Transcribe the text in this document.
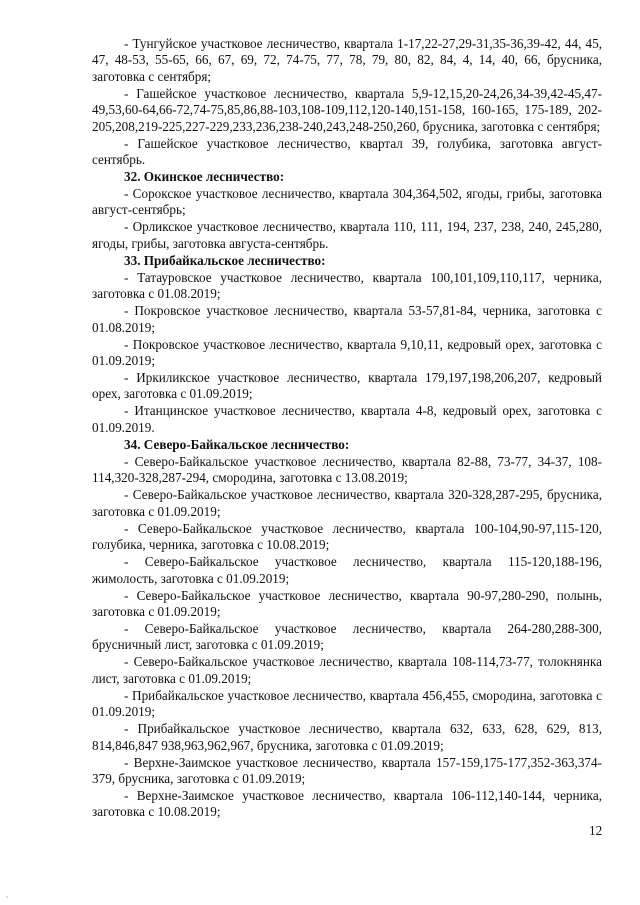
- Тунгуйское участковое лесничество, квартала 1-17,22-27,29-31,35-36,39-42, 44, 45, 47, 48-53, 55-65, 66, 67, 69, 72, 74-75, 77, 78, 79, 80, 82, 84, 4, 14, 40, 66, брусника, заготовка с сентября;

- Гашейское участковое лесничество, квартала 5,9-12,15,20-24,26,34-39,42-45,47-49,53,60-64,66-72,74-75,85,86,88-103,108-109,112,120-140,151-158, 160-165, 175-189, 202-205,208,219-225,227-229,233,236,238-240,243,248-250,260, брусника, заготовка с сентября;

- Гашейское участковое лесничество, квартал 39, голубика, заготовка август-сентябрь.

32. Окинское лесничество:

- Сорокское участковое лесничество, квартала 304,364,502, ягоды, грибы, заготовка август-сентябрь;

- Орликское участковое лесничество, квартала 110, 111, 194, 237, 238, 240, 245,280, ягоды, грибы, заготовка августа-сентябрь.

33. Прибайкальское лесничество:

- Татауровское участковое лесничество, квартала 100,101,109,110,117, черника, заготовка с 01.08.2019;

- Покровское участковое лесничество, квартала 53-57,81-84, черника, заготовка с 01.08.2019;

- Покровское участковое лесничество, квартала 9,10,11, кедровый орех, заготовка с 01.09.2019;

- Иркиликское участковое лесничество, квартала 179,197,198,206,207, кедровый орех, заготовка с 01.09.2019;

- Итанцинское участковое лесничество, квартала 4-8, кедровый орех, заготовка с 01.09.2019.

34. Северо-Байкальское лесничество:

- Северо-Байкальское участковое лесничество, квартала 82-88, 73-77, 34-37, 108-114,320-328,287-294, смородина, заготовка с 13.08.2019;

- Северо-Байкальское участковое лесничество, квартала 320-328,287-295, брусника, заготовка с 01.09.2019;

- Северо-Байкальское участковое лесничество, квартала 100-104,90-97,115-120, голубика, черника, заготовка с 10.08.2019;

- Северо-Байкальское участковое лесничество, квартала 115-120,188-196, жимолость, заготовка с 01.09.2019;

- Северо-Байкальское участковое лесничество, квартала 90-97,280-290, полынь, заготовка с 01.09.2019;

- Северо-Байкальское участковое лесничество, квартала 264-280,288-300, брусничный лист, заготовка с 01.09.2019;

- Северо-Байкальское участковое лесничество, квартала 108-114,73-77, толокнянка лист, заготовка с 01.09.2019;

- Прибайкальское участковое лесничество, квартала 456,455, смородина, заготовка с 01.09.2019;

- Прибайкальское участковое лесничество, квартала 632, 633, 628, 629, 813, 814,846,847 938,963,962,967, брусника, заготовка с 01.09.2019;

- Верхне-Заимское участковое лесничество, квартала 157-159,175-177,352-363,374-379, брусника, заготовка с 01.09.2019;

- Верхне-Заимское участковое лесничество, квартала 106-112,140-144, черника, заготовка с 10.08.2019;

12
